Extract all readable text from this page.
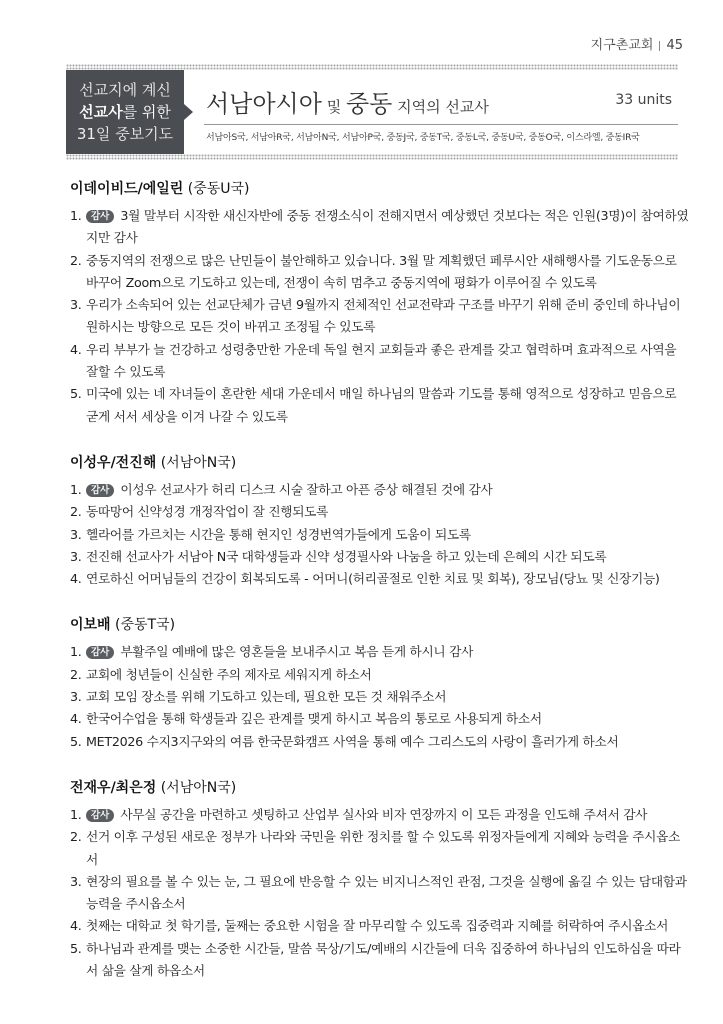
지구촌교회 45
선교지에 계신
선교사를 위한
31일 중보기도
서남아시아 및 중동 지역의 선교사	33 units
서남아S국, 서남아R국, 서남아N국, 서남아P국, 중동J국, 중동T국, 중동L국, 중동U국, 중동O국, 이스라엘, 중동IR국
이데이비드/에일린 (중동U국)
1. 감사 3월 말부터 시작한 새신자반에 중동 전쟁소식이 전해지면서 예상했던 것보다는 적은 인원(3명)이 참여하였지만 감사
2. 중동지역의 전쟁으로 많은 난민들이 불안해하고 있습니다. 3월 말 계획했던 페루시안 새해행사를 기도운동으로 바꾸어 Zoom으로 기도하고 있는데, 전쟁이 속히 멈추고 중동지역에 평화가 이루어질 수 있도록
3. 우리가 소속되어 있는 선교단체가 금년 9월까지 전체적인 선교전략과 구조를 바꾸기 위해 준비 중인데 하나님이 원하시는 방향으로 모든 것이 바뀌고 조정될 수 있도록
4. 우리 부부가 늘 건강하고 성령충만한 가운데 독일 현지 교회들과 좋은 관계를 갖고 협력하며 효과적으로 사역을 잘할 수 있도록
5. 미국에 있는 네 자녀들이 혼란한 세대 가운데서 매일 하나님의 말씀과 기도를 통해 영적으로 성장하고 믿음으로 굳게 서서 세상을 이겨 나갈 수 있도록
이성우/전진해 (서남아N국)
1. 감사 이성우 선교사가 허리 디스크 시술 잘하고 아픈 증상 해결된 것에 감사
2. 동따망어 신약성경 개정작업이 잘 진행되도록
3. 헬라어를 가르치는 시간을 통해 현지인 성경번역가들에게 도움이 되도록
3. 전진해 선교사가 서남아 N국 대학생들과 신약 성경필사와 나눔을 하고 있는데 은혜의 시간 되도록
4. 연로하신 어머님들의 건강이 회복되도록 - 어머니(허리골절로 인한 치료 및 회복), 장모님(당뇨 및 신장기능)
이보배 (중동T국)
1. 감사 부활주일 예배에 많은 영혼들을 보내주시고 복음 듣게 하시니 감사
2. 교회에 청년들이 신실한 주의 제자로 세워지게 하소서
3. 교회 모임 장소를 위해 기도하고 있는데, 필요한 모든 것 채워주소서
4. 한국어수업을 통해 학생들과 깊은 관계를 맺게 하시고 복음의 통로로 사용되게 하소서
5. MET2026 수지3지구와의 여름 한국문화캠프 사역을 통해 예수 그리스도의 사랑이 흘러가게 하소서
전재우/최은정 (서남아N국)
1. 감사 사무실 공간을 마련하고 셋팅하고 산업부 실사와 비자 연장까지 이 모든 과정을 인도해 주셔서 감사
2. 선거 이후 구성된 새로운 정부가 나라와 국민을 위한 정치를 할 수 있도록 위정자들에게 지혜와 능력을 주시옵소서
3. 현장의 필요를 볼 수 있는 눈, 그 필요에 반응할 수 있는 비지니스적인 관점, 그것을 실행에 옮길 수 있는 담대함과 능력을 주시옵소서
4. 첫째는 대학교 첫 학기를, 둘째는 중요한 시험을 잘 마무리할 수 있도록 집중력과 지혜를 허락하여 주시옵소서
5. 하나님과 관계를 맺는 소중한 시간들, 말씀 묵상/기도/예배의 시간들에 더욱 집중하여 하나님의 인도하심을 따라서 삶을 살게 하옵소서
